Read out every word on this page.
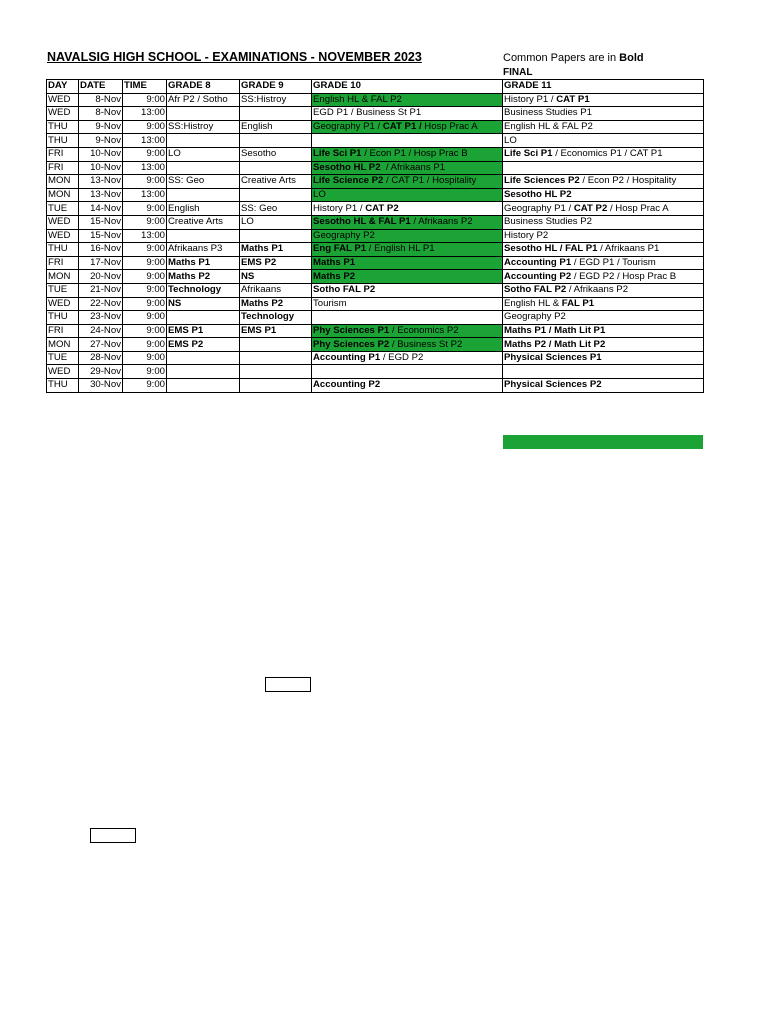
NAVALSIG HIGH SCHOOL - EXAMINATIONS - NOVEMBER 2023	Common Papers are in Bold
FINAL
DAY	DATE	TIME	GRADE 8	GRADE 9	GRADE 10	GRADE 11
WED	8-Nov	9:00	Afr P2 / Sotho	SS:Histroy	English HL & FAL P2	History P1 / CAT P1
WED	8-Nov	13:00			EGD P1 / Business St P1	Business Studies P1
THU	9-Nov	9:00	SS:Histroy	English	Geography P1 / CAT P1 / Hosp Prac A	English HL & FAL P2
THU	9-Nov	13:00				LO
FRI	10-Nov	9:00	LO	Sesotho	Life Sci P1 / Econ P1 / Hosp Prac B	Life Sci P1 / Economics P1 / CAT P1
FRI	10-Nov	13:00			Sesotho HL P2  / Afrikaans P1	
MON	13-Nov	9:00	SS: Geo	Creative Arts	Life Science P2 / CAT P1 / Hospitality	Life Sciences P2 / Econ P2 / Hospitality
MON	13-Nov	13:00			LO	Sesotho HL P2
TUE	14-Nov	9:00	English	SS: Geo	History P1 / CAT P2	Geography P1 / CAT P2 / Hosp Prac A
WED	15-Nov	9:00	Creative Arts	LO	Sesotho HL & FAL P1 / Afrikaans P2	Business Studies P2
WED	15-Nov	13:00			Geography P2	History P2
THU	16-Nov	9:00	Afrikaans P3	Maths P1	Eng FAL P1 / English HL P1	Sesotho HL / FAL P1 / Afrikaans P1
FRI	17-Nov	9:00	Maths P1	EMS P2	Maths P1	Accounting P1 / EGD P1 / Tourism
MON	20-Nov	9:00	Maths P2	NS	Maths P2	Accounting P2 / EGD P2 / Hosp Prac B
TUE	21-Nov	9:00	Technology	Afrikaans	Sotho FAL P2	Sotho FAL P2 / Afrikaans P2
WED	22-Nov	9:00	NS	Maths P2	Tourism	English HL & FAL P1
THU	23-Nov	9:00		Technology		Geography P2
FRI	24-Nov	9:00	EMS P1	EMS P1	Phy Sciences P1 / Economics P2	Maths P1 / Math Lit P1
MON	27-Nov	9:00	EMS P2		Phy Sciences P2 / Business St P2	Maths P2 / Math Lit P2
TUE	28-Nov	9:00			Accounting P1 / EGD P2	Physical Sciences P1
WED	29-Nov	9:00				
THU	30-Nov	9:00			Accounting P2	Physical Sciences P2
